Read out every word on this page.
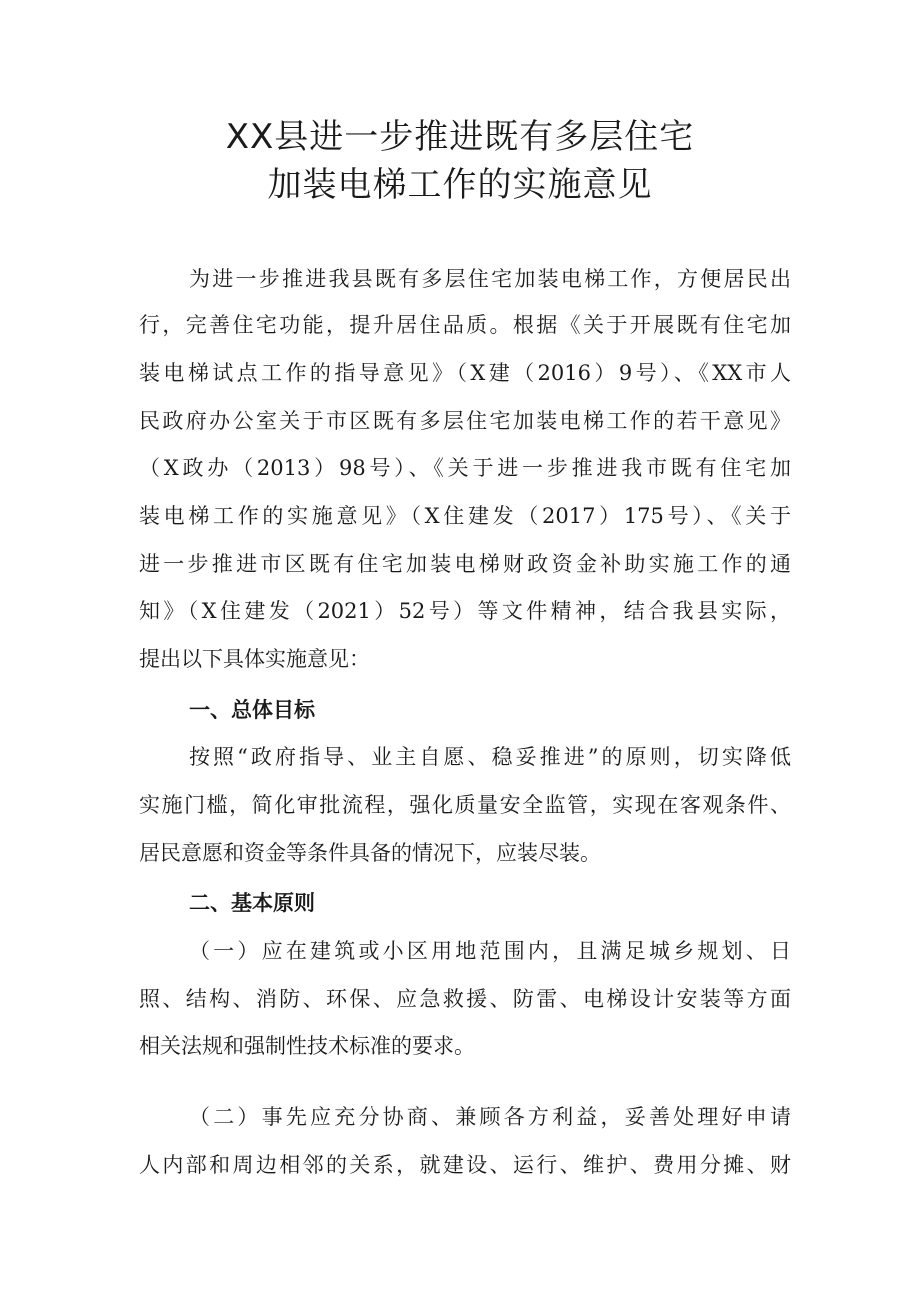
XX县进一步推进既有多层住宅
加装电梯工作的实施意见

为进一步推进我县既有多层住宅加装电梯工作，方便居民出

行，完善住宅功能，提升居住品质。根据《关于开展既有住宅加

装电梯试点工作的指导意见》（X建（2016）9号）、《XX市人

民政府办公室关于市区既有多层住宅加装电梯工作的若干意见》

（X政办（2013）98号）、《关于进一步推进我市既有住宅加

装电梯工作的实施意见》（X住建发（2017）175号）、《关于

进一步推进市区既有住宅加装电梯财政资金补助实施工作的通

知》（X住建发（2021）52号）等文件精神，结合我县实际，

提出以下具体实施意见：

一、总体目标

按照“政府指导、业主自愿、稳妥推进”的原则，切实降低

实施门槛，简化审批流程，强化质量安全监管，实现在客观条件、

居民意愿和资金等条件具备的情况下，应装尽装。

二、基本原则

（一）应在建筑或小区用地范围内，且满足城乡规划、日

照、结构、消防、环保、应急救援、防雷、电梯设计安装等方面

相关法规和强制性技术标准的要求。

（二）事先应充分协商、兼顾各方利益，妥善处理好申请

人内部和周边相邻的关系，就建设、运行、维护、费用分摊、财
